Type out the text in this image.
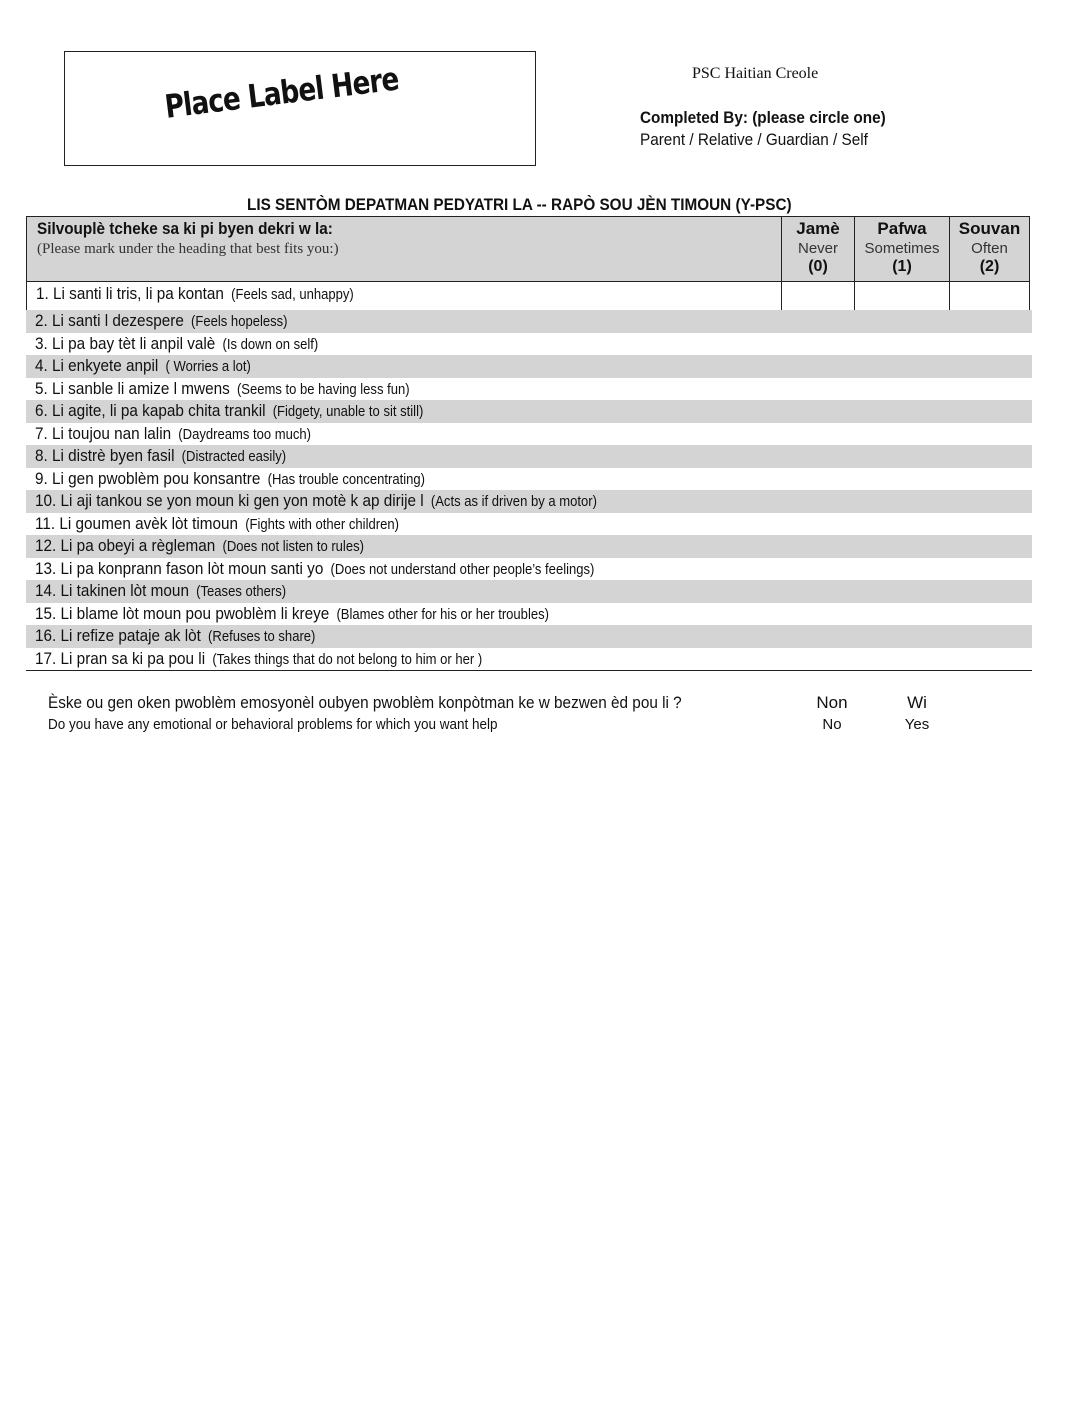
Place Label Here	PSC Haitian Creole
Completed By: (please circle one)
Parent / Relative / Guardian / Self
LIS SENTÒM DEPATMAN PEDYATRI LA -- RAPÒ SOU JÈN TIMOUN (Y-PSC)
Silvouplè tcheke sa ki pi byen dekri w la:
(Please mark under the heading that best fits you:)
Jamè
Never
(0)
Pafwa
Sometimes
(1)
Souvan
Often
(2)
1. Li santi li tris, li pa kontan (Feels sad, unhappy)
2. Li santi l dezespere (Feels hopeless)
3. Li pa bay tèt li anpil valè (Is down on self)
4. Li enkyete anpil ( Worries a lot)
5. Li sanble li amize l mwens (Seems to be having less fun)
6. Li agite, li pa kapab chita trankil (Fidgety, unable to sit still)
7. Li toujou nan lalin (Daydreams too much)
8. Li distrè byen fasil (Distracted easily)
9. Li gen pwoblèm pou konsantre (Has trouble concentrating)
10. Li aji tankou se yon moun ki gen yon motè k ap dirije l (Acts as if driven by a motor)
11. Li goumen avèk lòt timoun (Fights with other children)
12. Li pa obeyi a règleman (Does not listen to rules)
13. Li pa konprann fason lòt moun santi yo (Does not understand other people’s feelings)
14. Li takinen lòt moun (Teases others)
15. Li blame lòt moun pou pwoblèm li kreye (Blames other for his or her troubles)
16. Li refize pataje ak lòt (Refuses to share)
17. Li pran sa ki pa pou li (Takes things that do not belong to him or her )
Èske ou gen oken pwoblèm emosyonèl oubyen pwoblèm konpòtman ke w bezwen èd pou li ?
Do you have any emotional or behavioral problems for which you want help
Non
No
Wi
Yes
